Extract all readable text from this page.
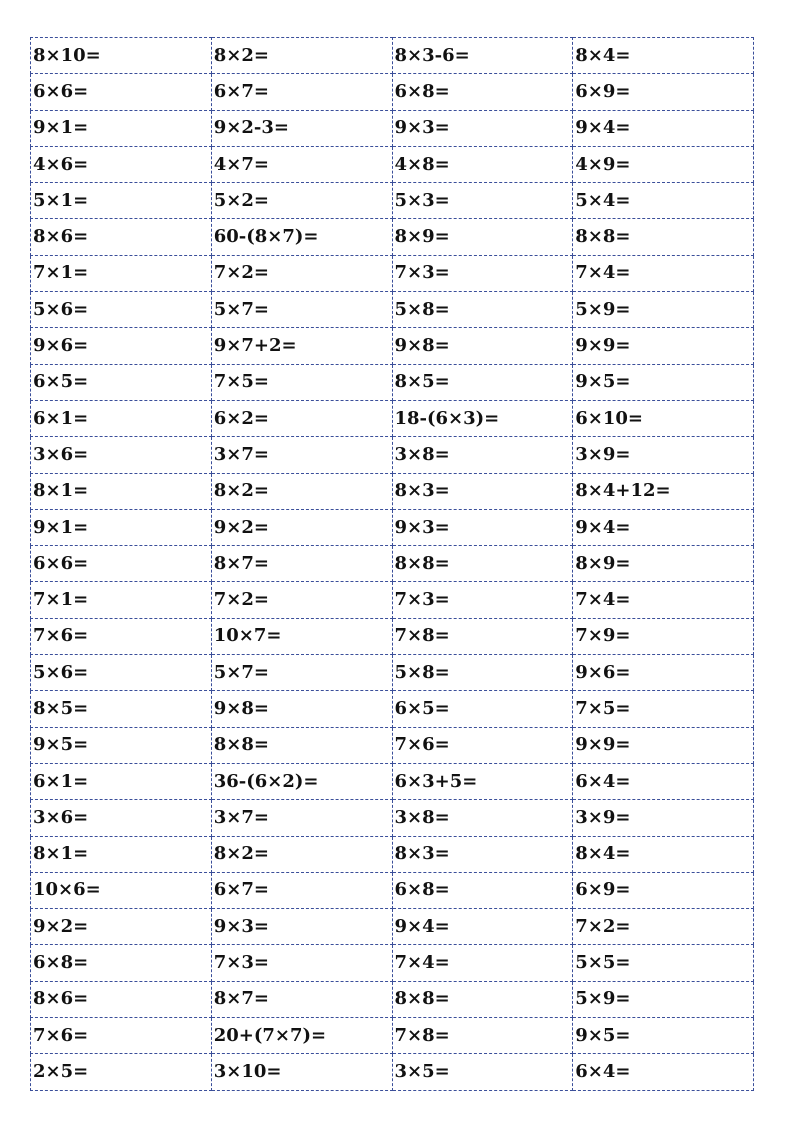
8×10=	8×2=	8×3-6=	8×4=
6×6=	6×7=	6×8=	6×9=
9×1=	9×2-3=	9×3=	9×4=
4×6=	4×7=	4×8=	4×9=
5×1=	5×2=	5×3=	5×4=
8×6=	60-(8×7)=	8×9=	8×8=
7×1=	7×2=	7×3=	7×4=
5×6=	5×7=	5×8=	5×9=
9×6=	9×7+2=	9×8=	9×9=
6×5=	7×5=	8×5=	9×5=
6×1=	6×2=	18-(6×3)=	6×10=
3×6=	3×7=	3×8=	3×9=
8×1=	8×2=	8×3=	8×4+12=
9×1=	9×2=	9×3=	9×4=
6×6=	8×7=	8×8=	8×9=
7×1=	7×2=	7×3=	7×4=
7×6=	10×7=	7×8=	7×9=
5×6=	5×7=	5×8=	9×6=
8×5=	9×8=	6×5=	7×5=
9×5=	8×8=	7×6=	9×9=
6×1=	36-(6×2)=	6×3+5=	6×4=
3×6=	3×7=	3×8=	3×9=
8×1=	8×2=	8×3=	8×4=
10×6=	6×7=	6×8=	6×9=
9×2=	9×3=	9×4=	7×2=
6×8=	7×3=	7×4=	5×5=
8×6=	8×7=	8×8=	5×9=
7×6=	20+(7×7)=	7×8=	9×5=
2×5=	3×10=	3×5=	6×4=
